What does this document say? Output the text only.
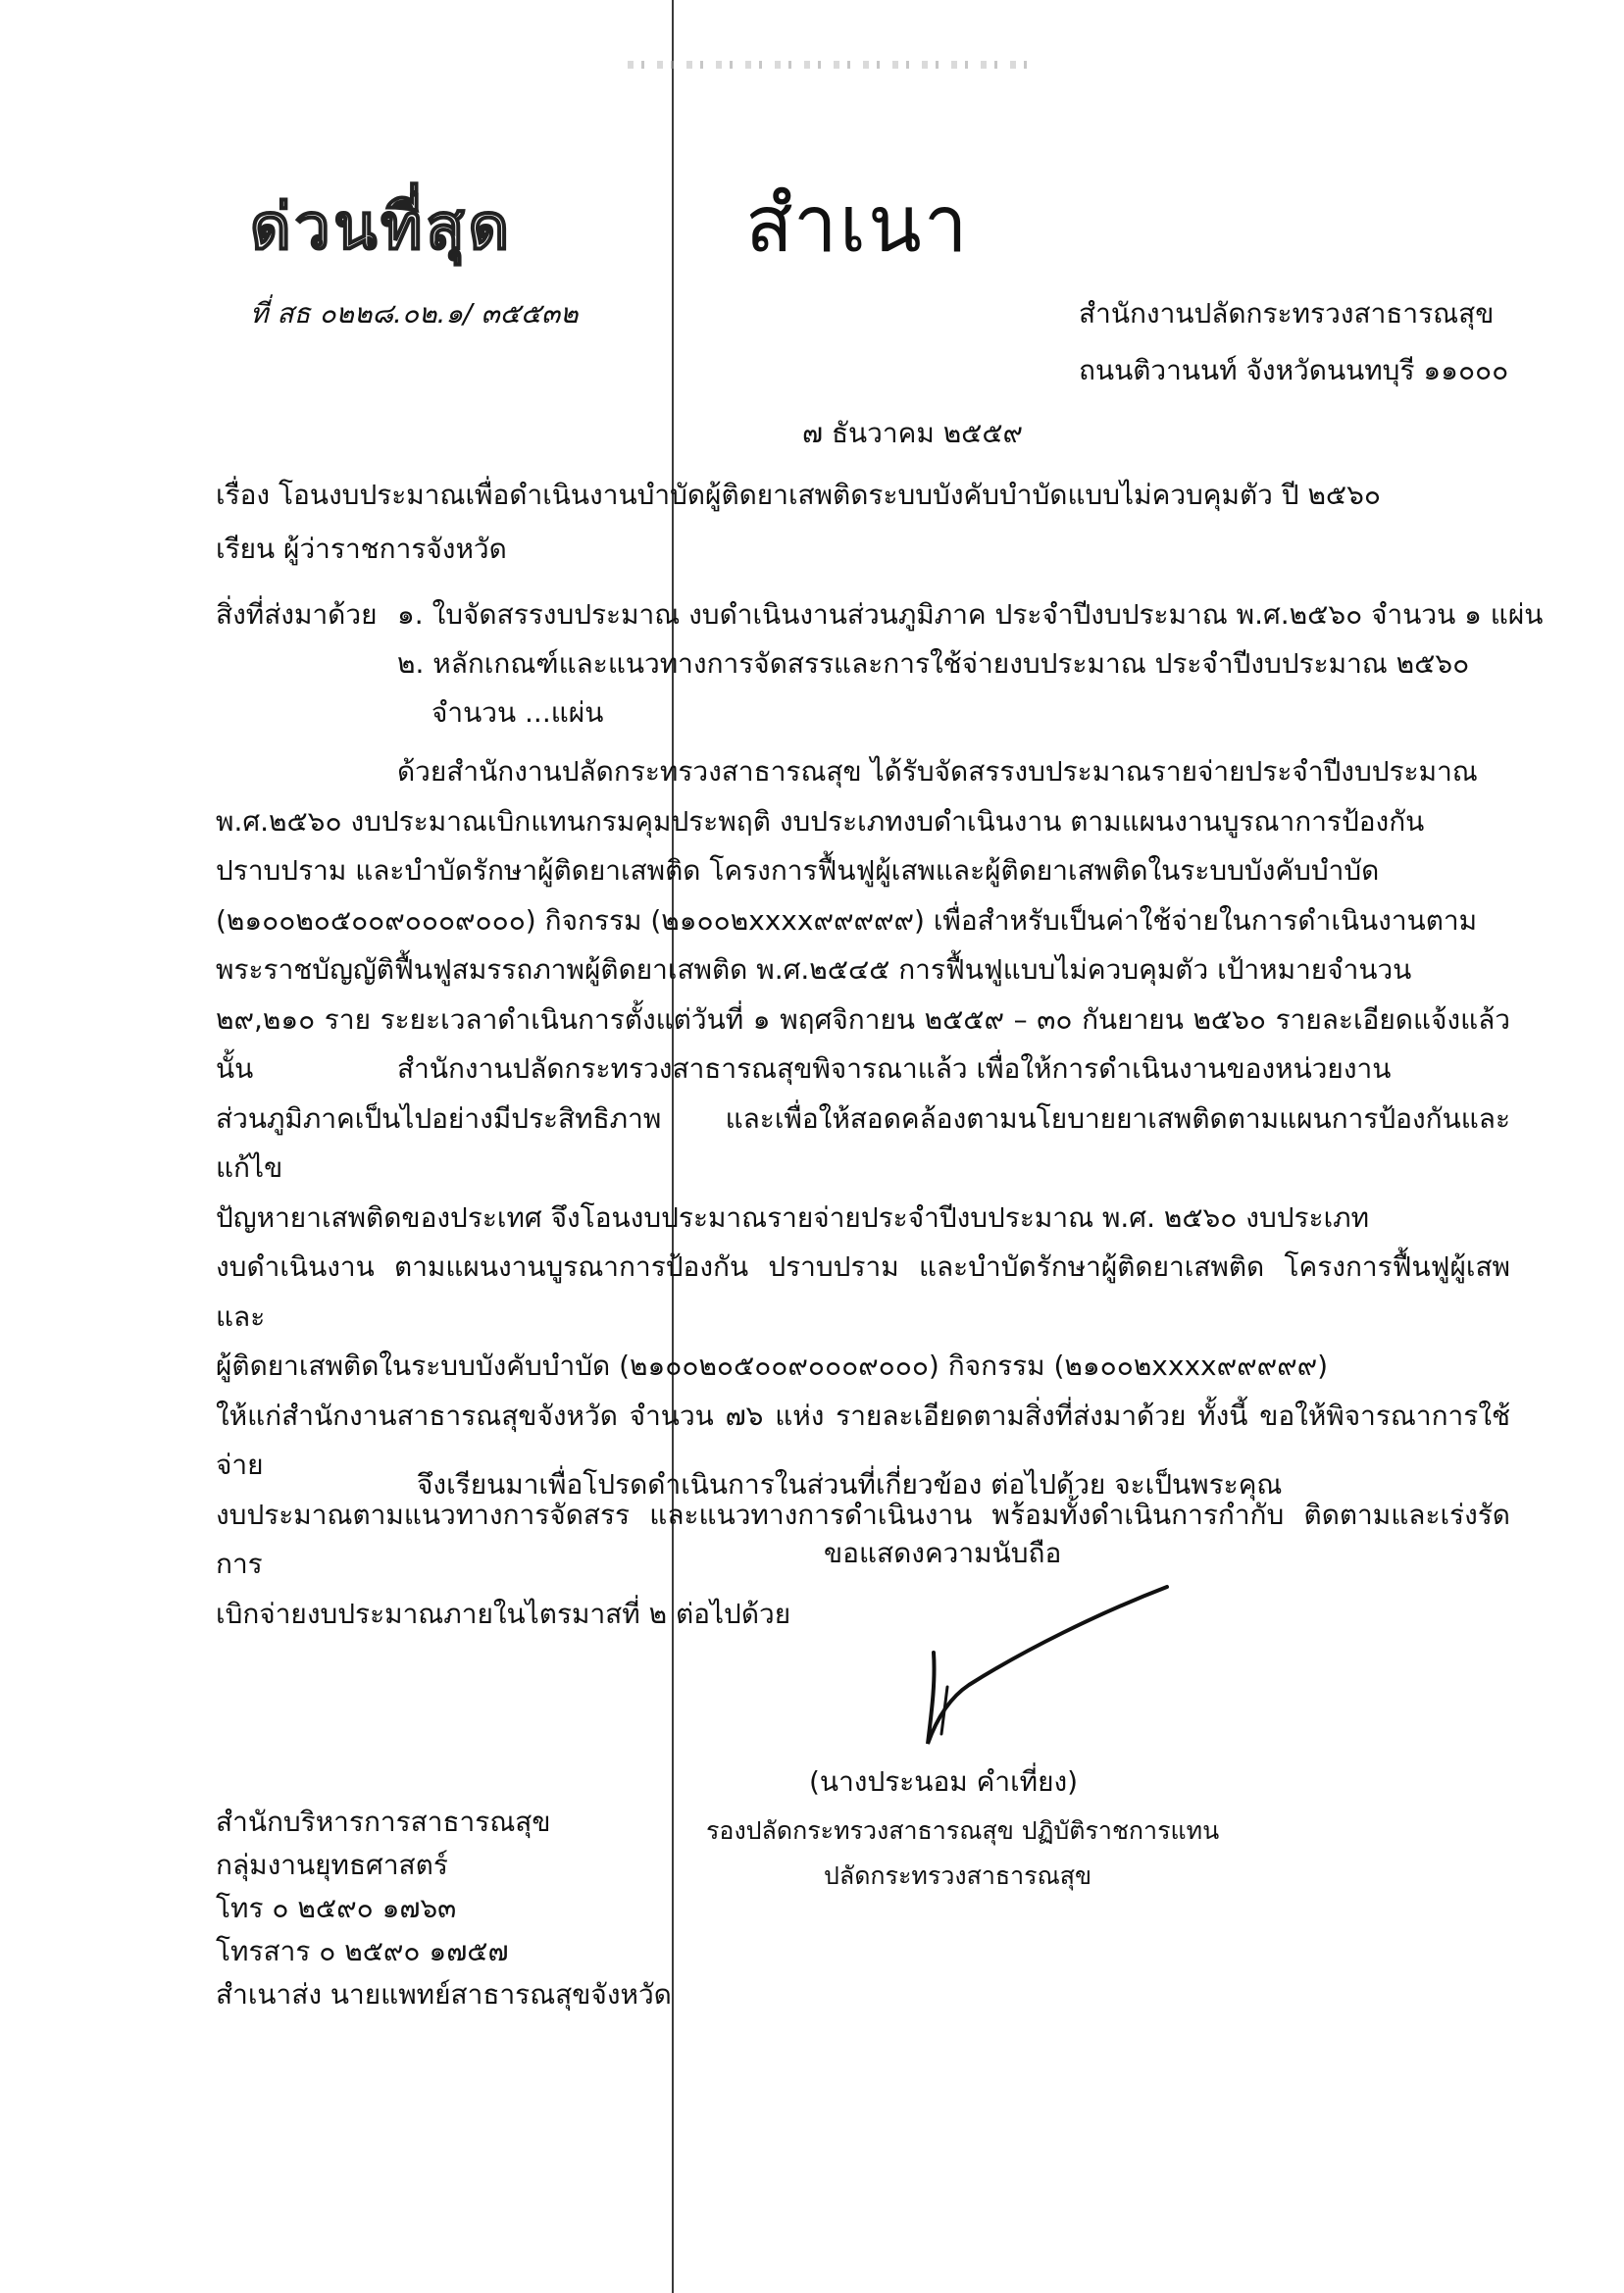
ด่วนที่สุด	สำเนา
ที่ สธ ๐๒๒๘.๐๒.๑/ ๓๕๕๓๒	สำนักงานปลัดกระทรวงสาธารณสุข
ถนนติวานนท์ จังหวัดนนทบุรี ๑๑๐๐๐
๗ ธันวาคม ๒๕๕๙
เรื่อง โอนงบประมาณเพื่อดำเนินงานบำบัดผู้ติดยาเสพติดระบบบังคับบำบัดแบบไม่ควบคุมตัว ปี ๒๕๖๐
เรียน ผู้ว่าราชการจังหวัด
สิ่งที่ส่งมาด้วย ๑. ใบจัดสรรงบประมาณ งบดำเนินงานส่วนภูมิภาค ประจำปีงบประมาณ พ.ศ.๒๕๖๐ จำนวน ๑ แผ่น
๒. หลักเกณฑ์และแนวทางการจัดสรรและการใช้จ่ายงบประมาณ ประจำปีงบประมาณ ๒๕๖๐
จำนวน ...แผ่น
ด้วยสำนักงานปลัดกระทรวงสาธารณสุข ได้รับจัดสรรงบประมาณรายจ่ายประจำปีงบประมาณ
พ.ศ.๒๕๖๐ งบประมาณเบิกแทนกรมคุมประพฤติ งบประเภทงบดำเนินงาน ตามแผนงานบูรณาการป้องกัน
ปราบปราม และบำบัดรักษาผู้ติดยาเสพติด โครงการฟื้นฟูผู้เสพและผู้ติดยาเสพติดในระบบบังคับบำบัด
(๒๑๐๐๒๐๕๐๐๙๐๐๐๙๐๐๐) กิจกรรม (๒๑๐๐๒xxxx๙๙๙๙๙) เพื่อสำหรับเป็นค่าใช้จ่ายในการดำเนินงานตาม
พระราชบัญญัติฟื้นฟูสมรรถภาพผู้ติดยาเสพติด พ.ศ.๒๕๔๕ การฟื้นฟูแบบไม่ควบคุมตัว เป้าหมายจำนวน
๒๙,๒๑๐ ราย ระยะเวลาดำเนินการตั้งแต่วันที่ ๑ พฤศจิกายน ๒๕๕๙ – ๓๐ กันยายน ๒๕๖๐ รายละเอียดแจ้งแล้ว นั้น	สำนักงานปลัดกระทรวงสาธารณสุขพิจารณาแล้ว เพื่อให้การดำเนินงานของหน่วยงาน
ส่วนภูมิภาคเป็นไปอย่างมีประสิทธิภาพ และเพื่อให้สอดคล้องตามนโยบายยาเสพติดตามแผนการป้องกันและแก้ไข
ปัญหายาเสพติดของประเทศ จึงโอนงบประมาณรายจ่ายประจำปีงบประมาณ พ.ศ. ๒๕๖๐ งบประเภท
งบดำเนินงาน ตามแผนงานบูรณาการป้องกัน ปราบปราม และบำบัดรักษาผู้ติดยาเสพติด โครงการฟื้นฟูผู้เสพและ
ผู้ติดยาเสพติดในระบบบังคับบำบัด (๒๑๐๐๒๐๕๐๐๙๐๐๐๙๐๐๐) กิจกรรม (๒๑๐๐๒xxxx๙๙๙๙๙)
ให้แก่สำนักงานสาธารณสุขจังหวัด จำนวน ๗๖ แห่ง รายละเอียดตามสิ่งที่ส่งมาด้วย ทั้งนี้ ขอให้พิจารณาการใช้จ่าย
งบประมาณตามแนวทางการจัดสรร และแนวทางการดำเนินงาน พร้อมทั้งดำเนินการกำกับ ติดตามและเร่งรัดการ
เบิกจ่ายงบประมาณภายในไตรมาสที่ ๒ ต่อไปด้วย
จึงเรียนมาเพื่อโปรดดำเนินการในส่วนที่เกี่ยวข้อง ต่อไปด้วย จะเป็นพระคุณ
ขอแสดงความนับถือ
(นางประนอม คำเที่ยง)
รองปลัดกระทรวงสาธารณสุข ปฏิบัติราชการแทน
ปลัดกระทรวงสาธารณสุข
สำนักบริหารการสาธารณสุข
กลุ่มงานยุทธศาสตร์
โทร ๐ ๒๕๙๐ ๑๗๖๓
โทรสาร ๐ ๒๕๙๐ ๑๗๕๗
สำเนาส่ง นายแพทย์สาธารณสุขจังหวัด
